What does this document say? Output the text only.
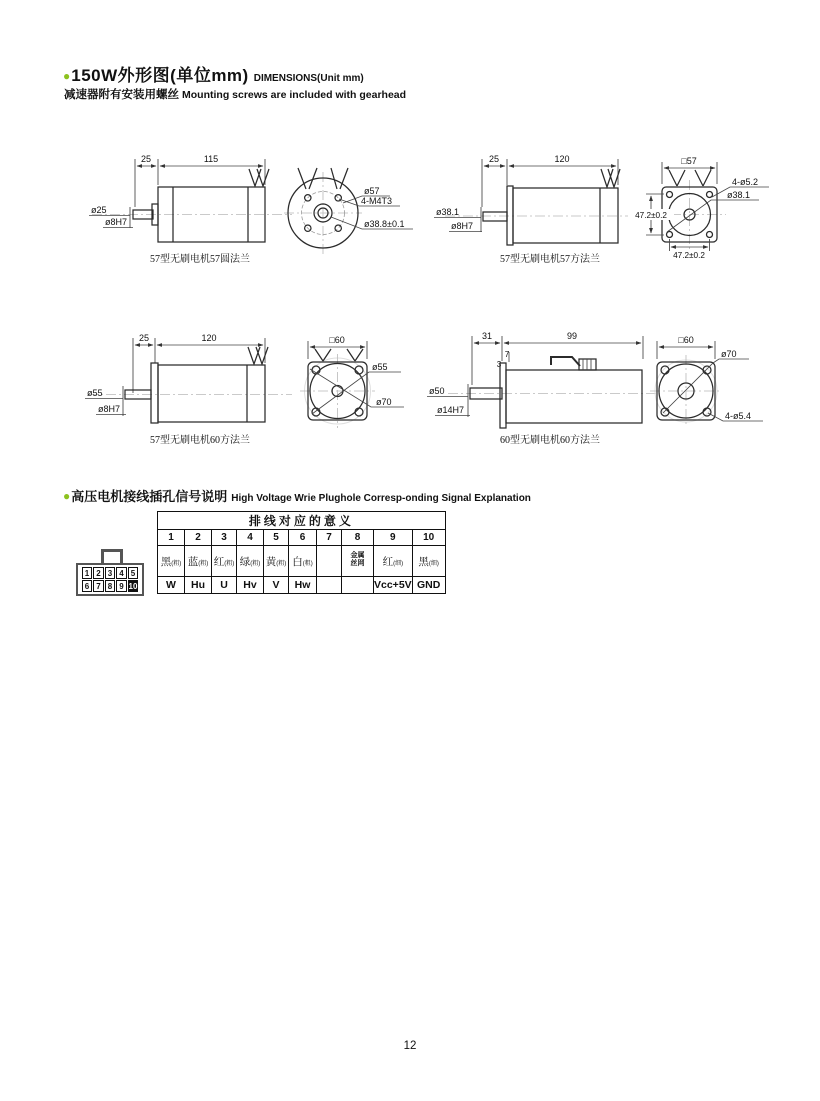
●150W外形图(单位mm) DIMENSIONS(Unit mm)
减速器附有安装用螺丝 Mounting screws are included with gearhead
25	115
ø25
ø8H7
57型无刷电机57圆法兰
ø57
4-M4T3
ø38.8±0.1
25	120
ø38.1
ø8H7
57型无刷电机57方法兰
□57
4-ø5.2
ø38.1
47.2±0.2
47.2±0.2
25	120
ø55
ø8H7
57型无刷电机60方法兰
□60
ø55
ø70
31	99
7
3
ø50
ø14H7
60型无刷电机60方法兰
□60
ø70
4-ø5.4
●高压电机接线插孔信号说明 High Voltage Wrie Plughole Corresp-onding Signal Explanation
1 2 3 4 5
6 7 8 9 10
排线对应的意义									
1	2	3	4	5	6	7	8	9	10
黑(粗)	蓝(粗)	红(粗)	绿(粗)	黄(粗)	白(粗)		金属丝网	红(细)	黑(细)
W	Hu	U	Hv	V	Hw			Vcc+5V	GND
12
